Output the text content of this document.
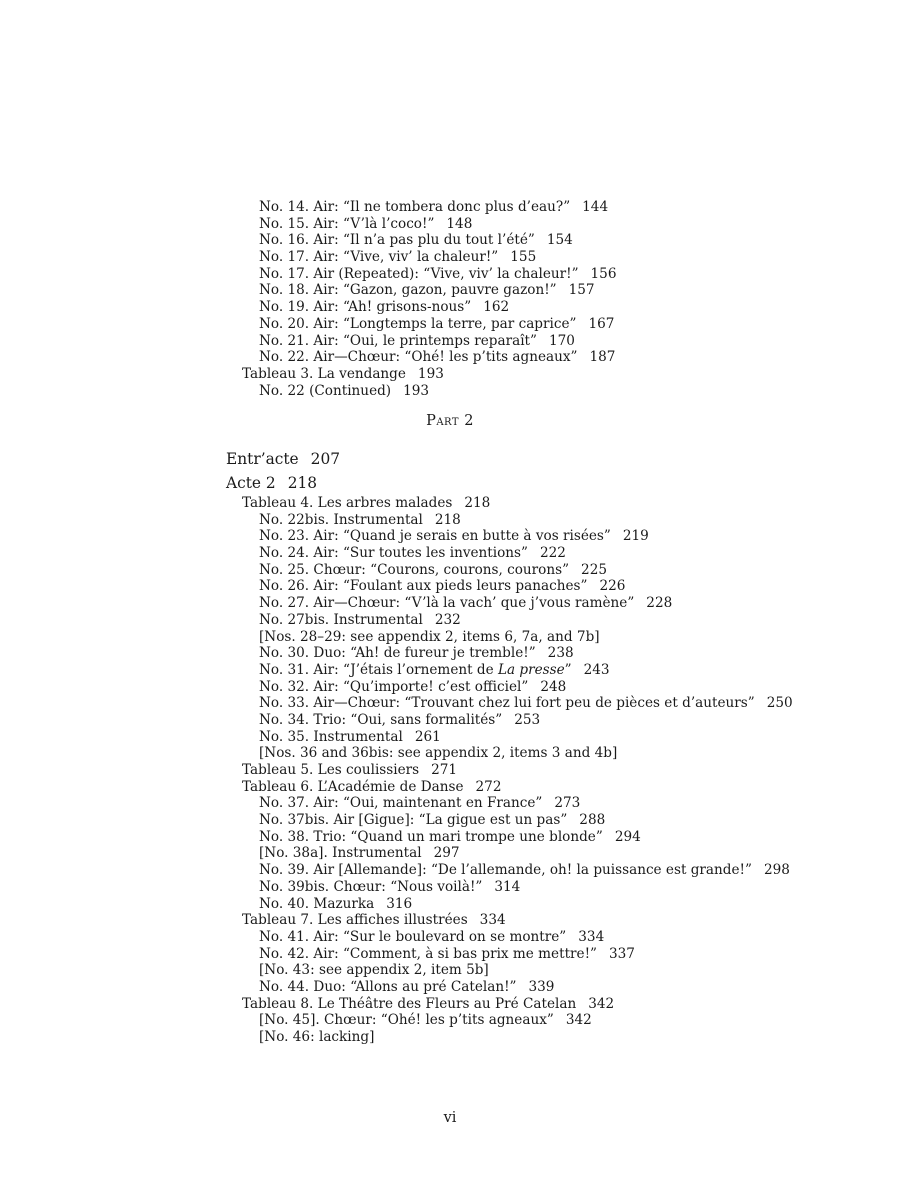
No. 14. Air: “Il ne tombera donc plus d’eau?” 144
No. 15. Air: “V’là l’coco!” 148
No. 16. Air: “Il n’a pas plu du tout l’été” 154
No. 17. Air: “Vive, viv’ la chaleur!” 155
No. 17. Air (Repeated): “Vive, viv’ la chaleur!” 156
No. 18. Air: “Gazon, gazon, pauvre gazon!” 157
No. 19. Air: “Ah! grisons-nous” 162
No. 20. Air: “Longtemps la terre, par caprice” 167
No. 21. Air: “Oui, le printemps reparaît” 170
No. 22. Air—Chœur: “Ohé! les p’tits agneaux” 187
Tableau 3. La vendange 193
No. 22 (Continued) 193
Part 2
Entr’acte 207
Acte 2 218
Tableau 4. Les arbres malades 218
No. 22bis. Instrumental 218
No. 23. Air: “Quand je serais en butte à vos risées” 219
No. 24. Air: “Sur toutes les inventions” 222
No. 25. Chœur: “Courons, courons, courons” 225
No. 26. Air: “Foulant aux pieds leurs panaches” 226
No. 27. Air—Chœur: “V’là la vach’ que j’vous ramène” 228
No. 27bis. Instrumental 232
[Nos. 28–29: see appendix 2, items 6, 7a, and 7b]
No. 30. Duo: “Ah! de fureur je tremble!” 238
No. 31. Air: “J’étais l’ornement de La presse” 243
No. 32. Air: “Qu’importe! c’est officiel” 248
No. 33. Air—Chœur: “Trouvant chez lui fort peu de pièces et d’auteurs” 250
No. 34. Trio: “Oui, sans formalités” 253
No. 35. Instrumental 261
[Nos. 36 and 36bis: see appendix 2, items 3 and 4b]
Tableau 5. Les coulissiers 271
Tableau 6. L’Académie de Danse 272
No. 37. Air: “Oui, maintenant en France” 273
No. 37bis. Air [Gigue]: “La gigue est un pas” 288
No. 38. Trio: “Quand un mari trompe une blonde” 294
[No. 38a]. Instrumental 297
No. 39. Air [Allemande]: “De l’allemande, oh! la puissance est grande!” 298
No. 39bis. Chœur: “Nous voilà!” 314
No. 40. Mazurka 316
Tableau 7. Les affiches illustrées 334
No. 41. Air: “Sur le boulevard on se montre” 334
No. 42. Air: “Comment, à si bas prix me mettre!” 337
[No. 43: see appendix 2, item 5b]
No. 44. Duo: “Allons au pré Catelan!” 339
Tableau 8. Le Théâtre des Fleurs au Pré Catelan 342
[No. 45]. Chœur: “Ohé! les p’tits agneaux” 342
[No. 46: lacking]
vi
